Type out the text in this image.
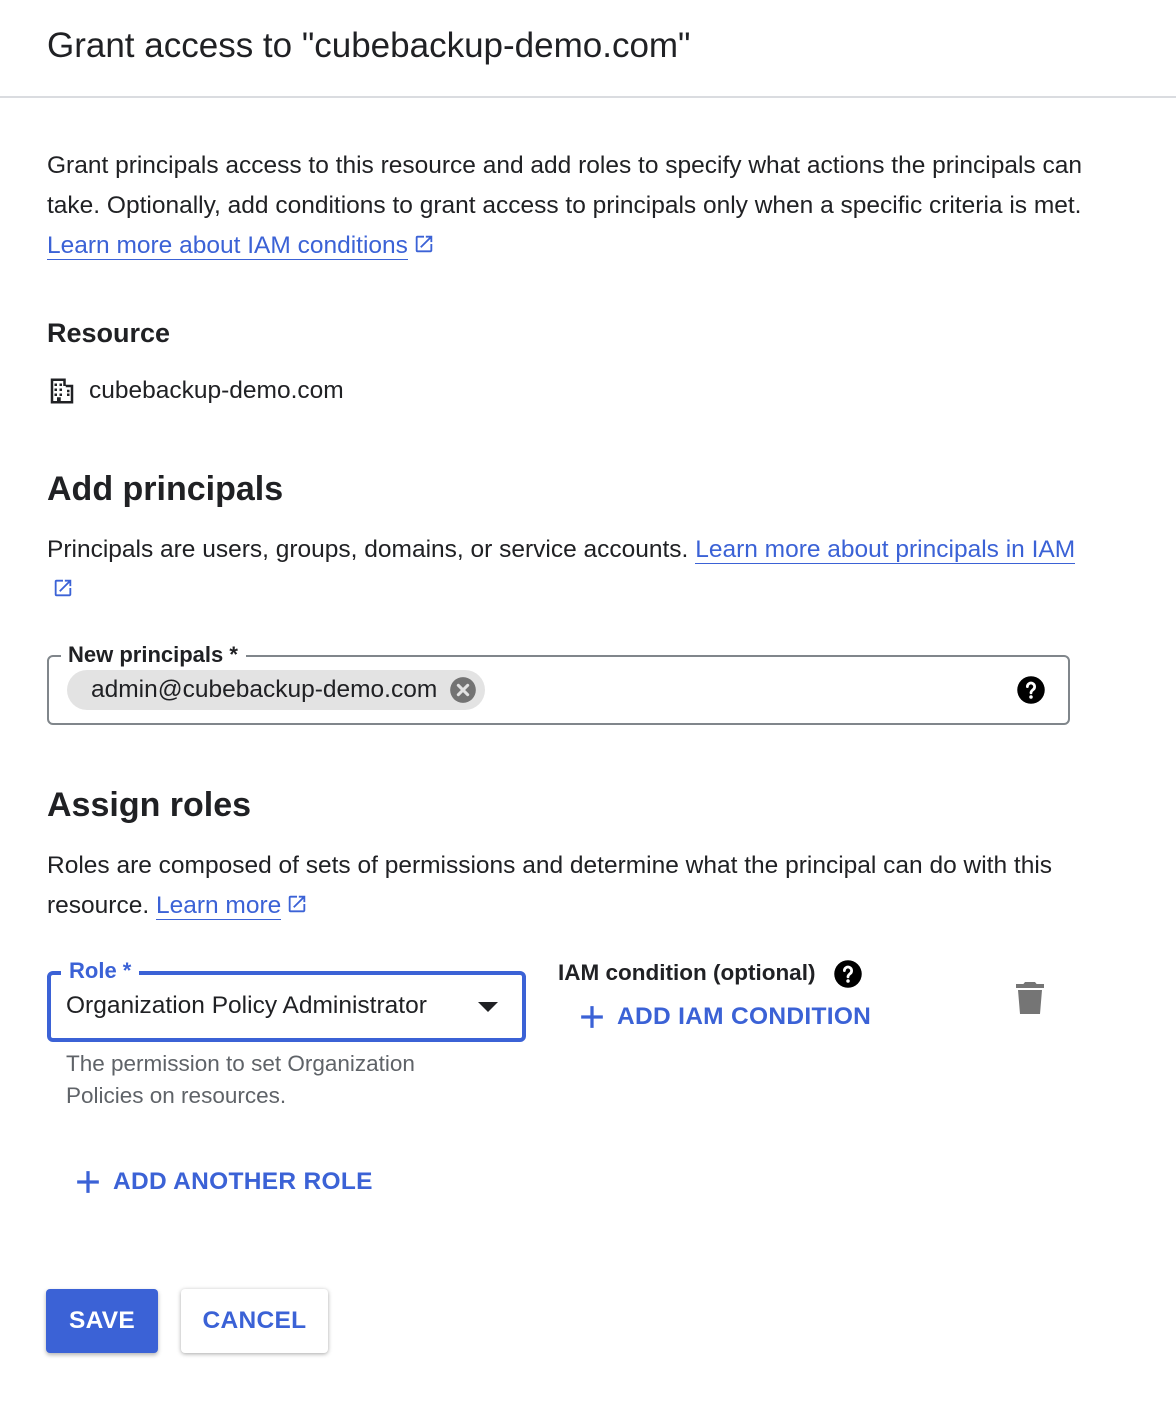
Grant access to "cubebackup-demo.com"

Grant principals access to this resource and add roles to specify what actions the principals can take. Optionally, add conditions to grant access to principals only when a specific criteria is met. Learn more about IAM conditions

Resource
cubebackup-demo.com
Add principals

Principals are users, groups, domains, or service accounts. Learn more about principals in IAM

New principals *
admin@cubebackup-demo.com
Assign roles

Roles are composed of sets of permissions and determine what the principal can do with this resource. Learn more

Role *
Organization Policy Administrator
The permission to set Organization Policies on resources.
IAM condition (optional)
ADD IAM CONDITION
ADD ANOTHER ROLE
SAVE	CANCEL
